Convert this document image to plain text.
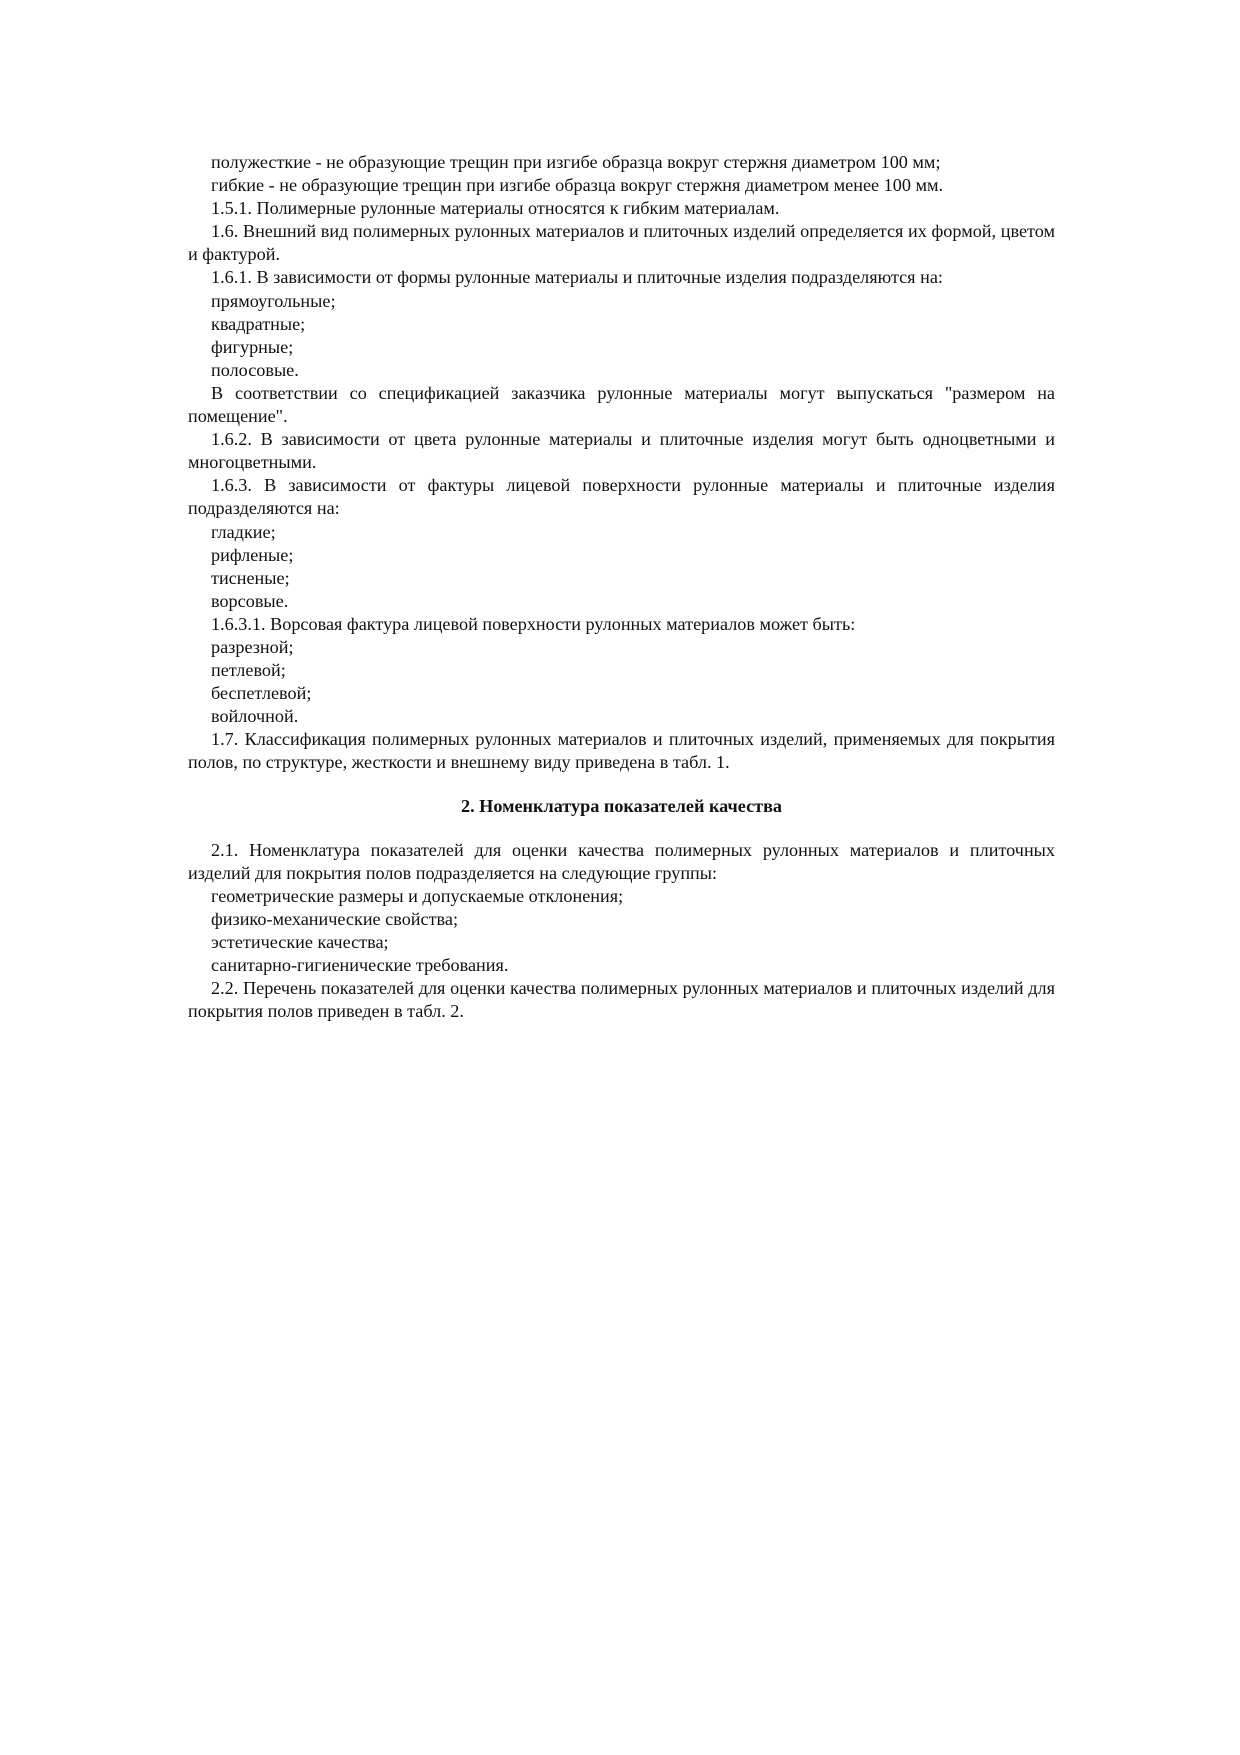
полужесткие - не образующие трещин при изгибе образца вокруг стержня диаметром 100 мм;

гибкие - не образующие трещин при изгибе образца вокруг стержня диаметром менее 100 мм.

1.5.1. Полимерные рулонные материалы относятся к гибким материалам.

1.6. Внешний вид полимерных рулонных материалов и плиточных изделий определяется их формой, цветом и фактурой.

1.6.1. В зависимости от формы рулонные материалы и плиточные изделия подразделяются на:

прямоугольные;

квадратные;

фигурные;

полосовые.

В соответствии со спецификацией заказчика рулонные материалы могут выпускаться "размером на помещение".

1.6.2. В зависимости от цвета рулонные материалы и плиточные изделия могут быть одноцветными и многоцветными.

1.6.3. В зависимости от фактуры лицевой поверхности рулонные материалы и плиточные изделия подразделяются на:

гладкие;

рифленые;

тисненые;

ворсовые.

1.6.3.1. Ворсовая фактура лицевой поверхности рулонных материалов может быть:

разрезной;

петлевой;

беспетлевой;

войлочной.

1.7. Классификация полимерных рулонных материалов и плиточных изделий, применяемых для покрытия полов, по структуре, жесткости и внешнему виду приведена в табл. 1.

2. Номенклатура показателей качества

2.1. Номенклатура показателей для оценки качества полимерных рулонных материалов и плиточных изделий для покрытия полов подразделяется на следующие группы:

геометрические размеры и допускаемые отклонения;

физико-механические свойства;

эстетические качества;

санитарно-гигиенические требования.

2.2. Перечень показателей для оценки качества полимерных рулонных материалов и плиточных изделий для покрытия полов приведен в табл. 2.
